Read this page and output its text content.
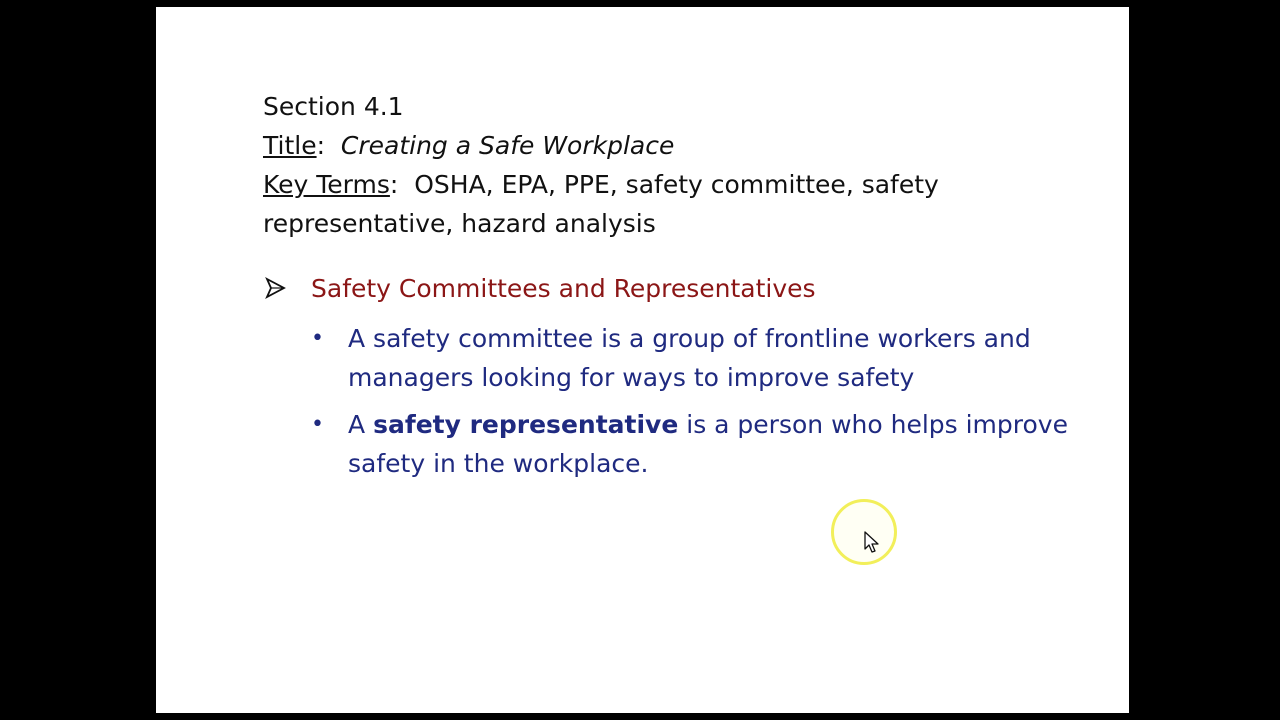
Section 4.1
Title:  Creating a Safe Workplace
Key Terms:  OSHA, EPA, PPE, safety committee, safety
representative, hazard analysis
Safety Committees and Representatives
• A safety committee is a group of frontline workers and managers looking for ways to improve safety
• A safety representative is a person who helps improve safety in the workplace.
